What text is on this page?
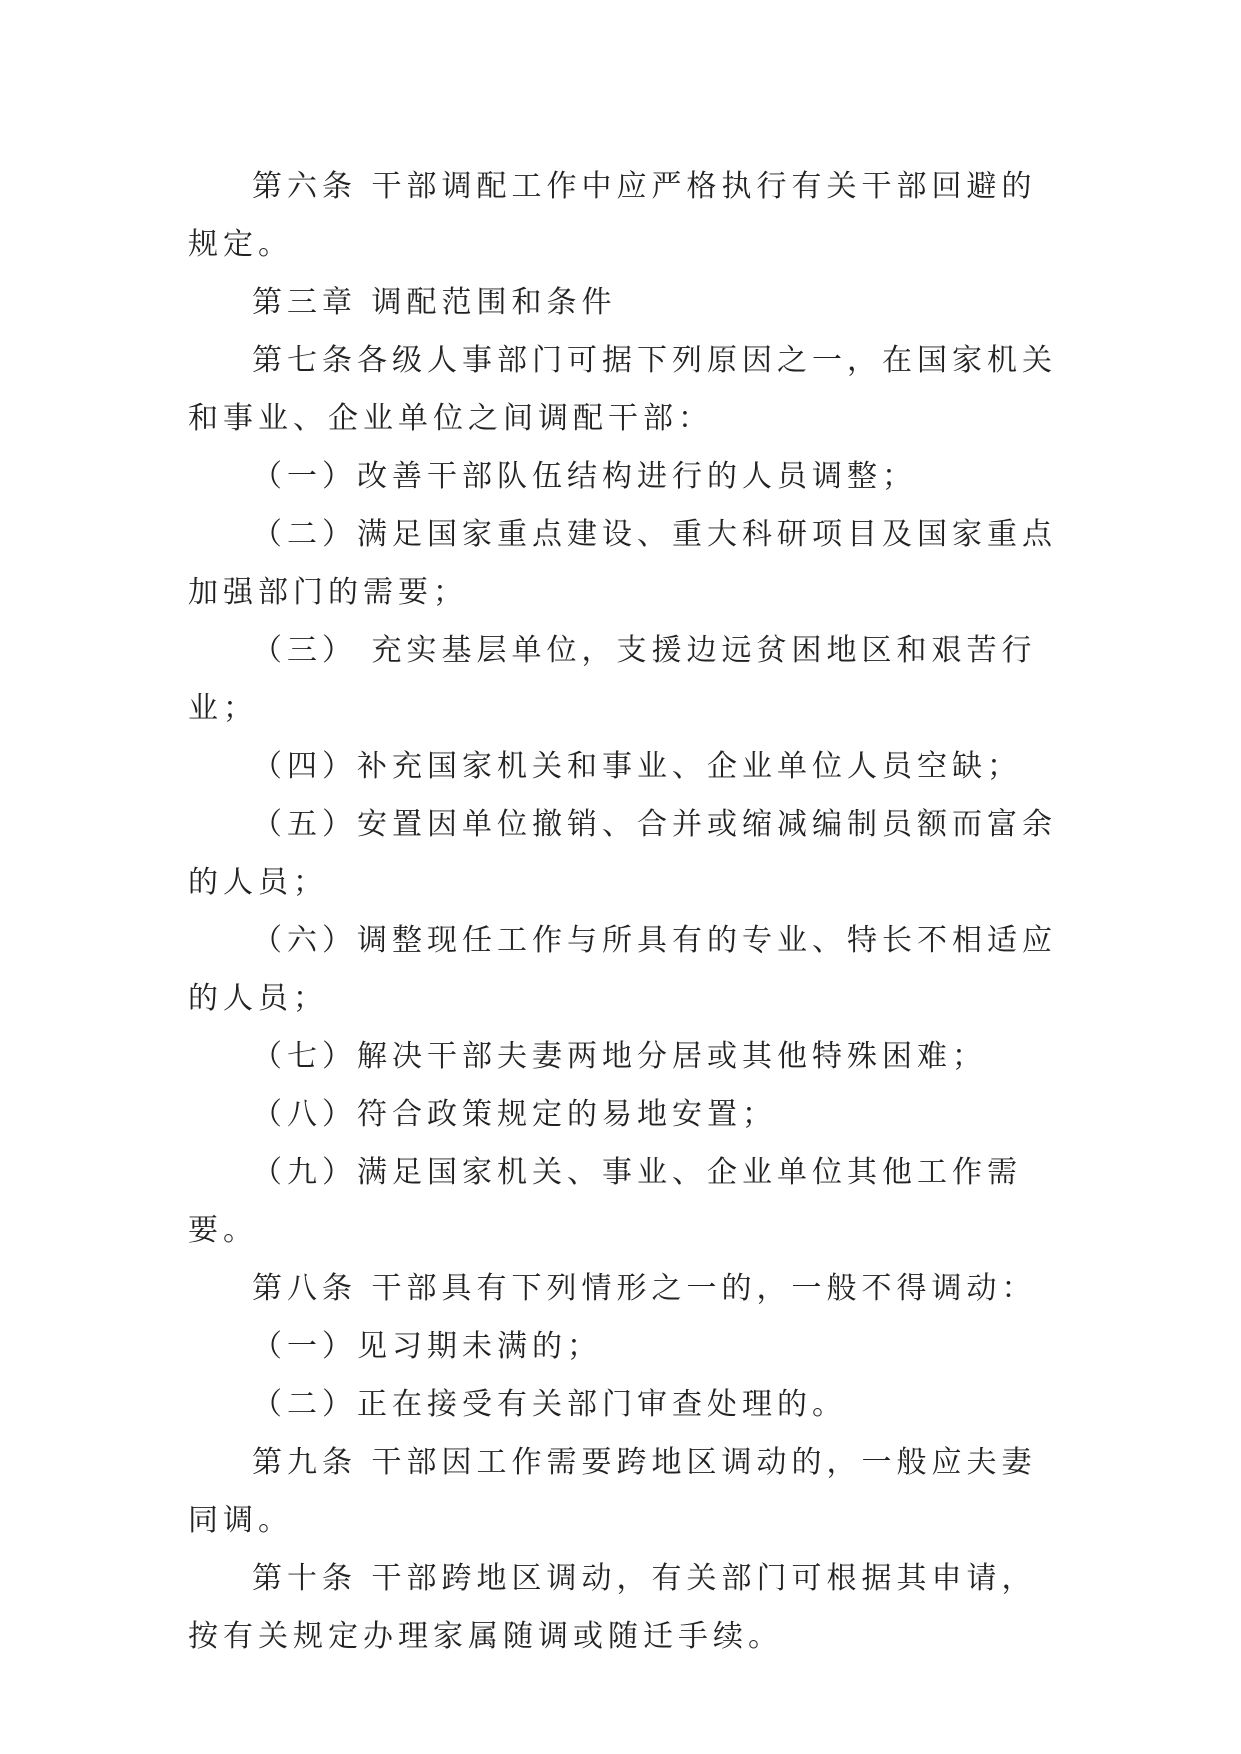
第六条 干部调配工作中应严格执行有关干部回避的规定。

第三章 调配范围和条件

第七条各级人事部门可据下列原因之一，在国家机关和事业、企业单位之间调配干部：

（一）改善干部队伍结构进行的人员调整；

（二）满足国家重点建设、重大科研项目及国家重点加强部门的需要；

（三） 充实基层单位，支援边远贫困地区和艰苦行业；

（四）补充国家机关和事业、企业单位人员空缺；

（五）安置因单位撤销、合并或缩减编制员额而富余的人员；

（六）调整现任工作与所具有的专业、特长不相适应的人员；

（七）解决干部夫妻两地分居或其他特殊困难；

（八）符合政策规定的易地安置；

（九）满足国家机关、事业、企业单位其他工作需要。

第八条 干部具有下列情形之一的，一般不得调动：

（一）见习期未满的；

（二）正在接受有关部门审查处理的。

第九条 干部因工作需要跨地区调动的，一般应夫妻同调。

第十条 干部跨地区调动，有关部门可根据其申请，按有关规定办理家属随调或随迁手续。
